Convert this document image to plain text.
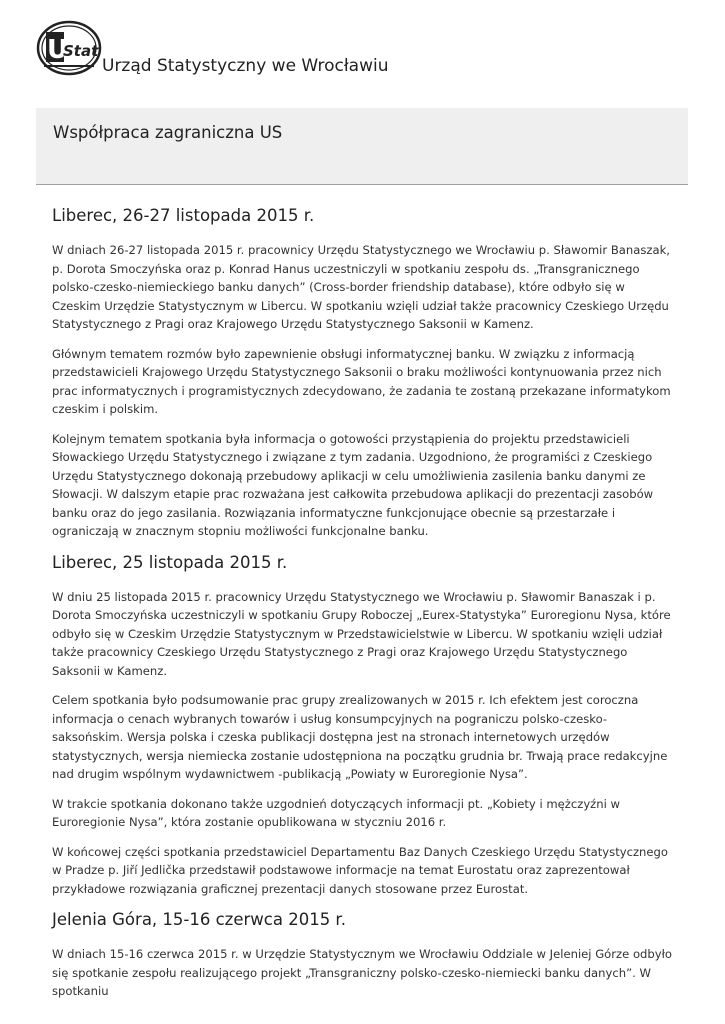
U
Stat
Urząd Statystyczny we Wrocławiu
Współpraca zagraniczna US
Liberec, 26-27 listopada 2015 r.

W dniach 26-27 listopada 2015 r. pracownicy Urzędu Statystycznego we Wrocławiu p. Sławomir Banaszak, p. Dorota Smoczyńska oraz p. Konrad Hanus uczestniczyli w spotkaniu zespołu ds. „Transgranicznego polsko-czesko-niemieckiego banku danych” (Cross-border friendship database), które odbyło się w Czeskim Urzędzie Statystycznym w Libercu. W spotkaniu wzięli udział także pracownicy Czeskiego Urzędu Statystycznego z Pragi oraz Krajowego Urzędu Statystycznego Saksonii w Kamenz.

Głównym tematem rozmów było zapewnienie obsługi informatycznej banku. W związku z informacją przedstawicieli Krajowego Urzędu Statystycznego Saksonii o braku możliwości kontynuowania przez nich prac informatycznych i programistycznych zdecydowano, że zadania te zostaną przekazane informatykom czeskim i polskim.

Kolejnym tematem spotkania była informacja o gotowości przystąpienia do projektu przedstawicieli Słowackiego Urzędu Statystycznego i związane z tym zadania. Uzgodniono, że programiści z Czeskiego Urzędu Statystycznego dokonają przebudowy aplikacji w celu umożliwienia zasilenia banku danymi ze Słowacji. W dalszym etapie prac rozważana jest całkowita przebudowa aplikacji do prezentacji zasobów banku oraz do jego zasilania. Rozwiązania informatyczne funkcjonujące obecnie są przestarzałe i ograniczają w znacznym stopniu możliwości funkcjonalne banku.

Liberec, 25 listopada 2015 r.

W dniu 25 listopada 2015 r. pracownicy Urzędu Statystycznego we Wrocławiu p. Sławomir Banaszak i p. Dorota Smoczyńska uczestniczyli w spotkaniu Grupy Roboczej „Eurex-Statystyka” Euroregionu Nysa, które odbyło się w Czeskim Urzędzie Statystycznym w Przedstawicielstwie w Libercu. W spotkaniu wzięli udział także pracownicy Czeskiego Urzędu Statystycznego z Pragi oraz Krajowego Urzędu Statystycznego Saksonii w Kamenz.

Celem spotkania było podsumowanie prac grupy zrealizowanych w 2015 r. Ich efektem jest coroczna informacja o cenach wybranych towarów i usług konsumpcyjnych na pograniczu polsko-czesko-saksońskim. Wersja polska i czeska publikacji dostępna jest na stronach internetowych urzędów statystycznych, wersja niemiecka zostanie udostępniona na początku grudnia br. Trwają prace redakcyjne nad drugim wspólnym wydawnictwem -publikacją „Powiaty w Euroregionie Nysa”.

W trakcie spotkania dokonano także uzgodnień dotyczących informacji pt. „Kobiety i mężczyźni w Euroregionie Nysa”, która zostanie opublikowana w styczniu 2016 r.

W końcowej części spotkania przedstawiciel Departamentu Baz Danych Czeskiego Urzędu Statystycznego w Pradze p. Jiří Jedlička przedstawił podstawowe informacje na temat Eurostatu oraz zaprezentował przykładowe rozwiązania graficznej prezentacji danych stosowane przez Eurostat.

Jelenia Góra, 15-16 czerwca 2015 r.

W dniach 15-16 czerwca 2015 r. w Urzędzie Statystycznym we Wrocławiu Oddziale w Jeleniej Górze odbyło się spotkanie zespołu realizującego projekt „Transgraniczny polsko-czesko-niemiecki banku danych”. W spotkaniu
